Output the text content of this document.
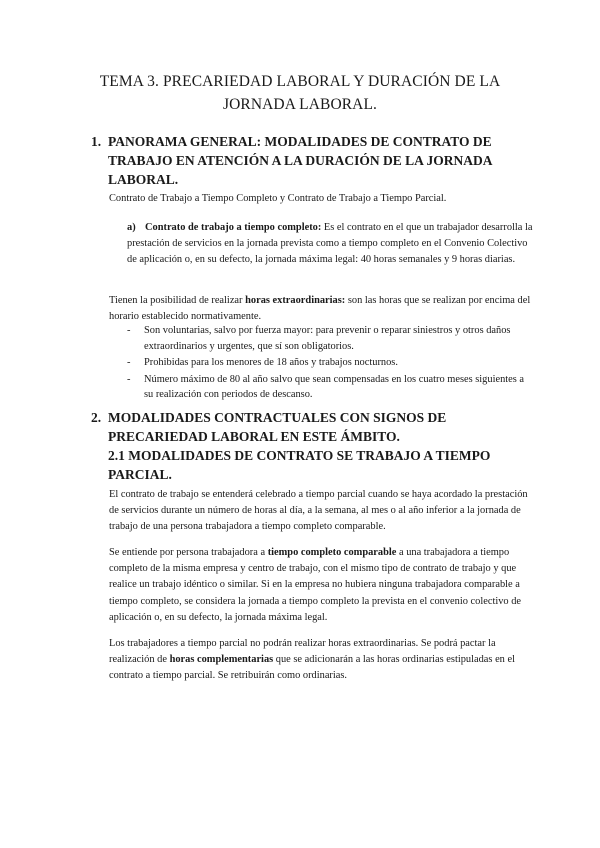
TEMA 3. PRECARIEDAD LABORAL Y DURACIÓN DE LA
JORNADA LABORAL.
1. PANORAMA GENERAL: MODALIDADES DE CONTRATO DE TRABAJO EN ATENCIÓN A LA DURACIÓN DE LA JORNADA LABORAL.

Contrato de Trabajo a Tiempo Completo y Contrato de Trabajo a Tiempo Parcial.

a) Contrato de trabajo a tiempo completo: Es el contrato en el que un trabajador desarrolla la prestación de servicios en la jornada prevista como a tiempo completo en el Convenio Colectivo de aplicación o, en su defecto, la jornada máxima legal: 40 horas semanales y 9 horas diarias.

Tienen la posibilidad de realizar horas extraordinarias: son las horas que se realizan por encima del horario establecido normativamente.

- Son voluntarias, salvo por fuerza mayor: para prevenir o reparar siniestros y otros daños extraordinarios y urgentes, que sí son obligatorios.
- Prohibidas para los menores de 18 años y trabajos nocturnos.
- Número máximo de 80 al año salvo que sean compensadas en los cuatro meses siguientes a su realización con periodos de descanso.
2. MODALIDADES CONTRACTUALES CON SIGNOS DE PRECARIEDAD LABORAL EN ESTE ÁMBITO.
2.1 MODALIDADES DE CONTRATO SE TRABAJO A TIEMPO PARCIAL.

El contrato de trabajo se entenderá celebrado a tiempo parcial cuando se haya acordado la prestación de servicios durante un número de horas al día, a la semana, al mes o al año inferior a la jornada de trabajo de una persona trabajadora a tiempo completo comparable.

Se entiende por persona trabajadora a tiempo completo comparable a una trabajadora a tiempo completo de la misma empresa y centro de trabajo, con el mismo tipo de contrato de trabajo y que realice un trabajo idéntico o similar. Si en la empresa no hubiera ninguna trabajadora comparable a tiempo completo, se considera la jornada a tiempo completo la prevista en el convenio colectivo de aplicación o, en su defecto, la jornada máxima legal.

Los trabajadores a tiempo parcial no podrán realizar horas extraordinarias. Se podrá pactar la realización de horas complementarias que se adicionarán a las horas ordinarias estipuladas en el contrato a tiempo parcial. Se retribuirán como ordinarias.
